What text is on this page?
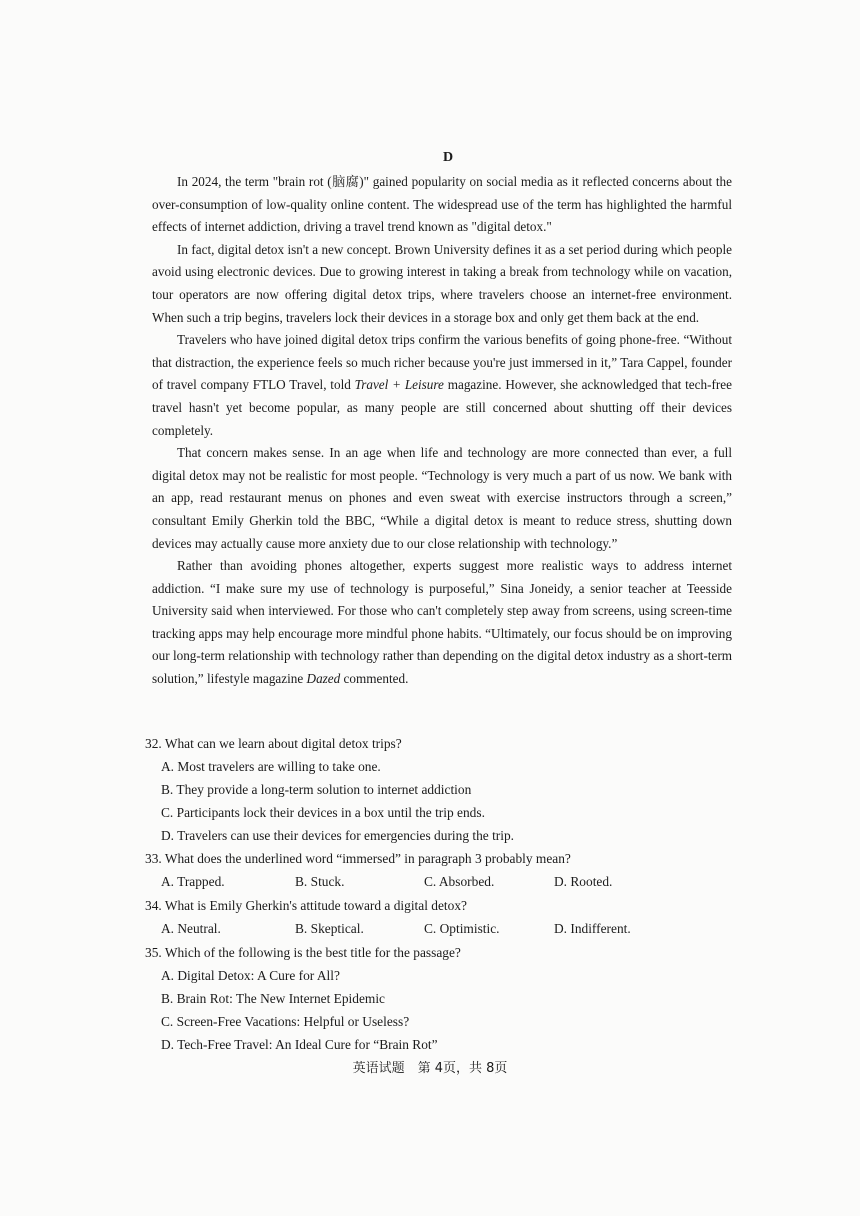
D

In 2024, the term "brain rot (脑腐)" gained popularity on social media as it reflected concerns about the over-consumption of low-quality online content. The widespread use of the term has highlighted the harmful effects of internet addiction, driving a travel trend known as "digital detox."

In fact, digital detox isn't a new concept. Brown University defines it as a set period during which people avoid using electronic devices. Due to growing interest in taking a break from technology while on vacation, tour operators are now offering digital detox trips, where travelers choose an internet-free environment. When such a trip begins, travelers lock their devices in a storage box and only get them back at the end.

Travelers who have joined digital detox trips confirm the various benefits of going phone-free. “Without that distraction, the experience feels so much richer because you're just immersed in it,” Tara Cappel, founder of travel company FTLO Travel, told Travel + Leisure magazine. However, she acknowledged that tech-free travel hasn't yet become popular, as many people are still concerned about shutting off their devices completely.

That concern makes sense. In an age when life and technology are more connected than ever, a full digital detox may not be realistic for most people. “Technology is very much a part of us now. We bank with an app, read restaurant menus on phones and even sweat with exercise instructors through a screen,” consultant Emily Gherkin told the BBC, “While a digital detox is meant to reduce stress, shutting down devices may actually cause more anxiety due to our close relationship with technology.”

Rather than avoiding phones altogether, experts suggest more realistic ways to address internet addiction. “I make sure my use of technology is purposeful,” Sina Joneidy, a senior teacher at Teesside University said when interviewed. For those who can't completely step away from screens, using screen-time tracking apps may help encourage more mindful phone habits. “Ultimately, our focus should be on improving our long-term relationship with technology rather than depending on the digital detox industry as a short-term solution,” lifestyle magazine Dazed commented.

32. What can we learn about digital detox trips?
A. Most travelers are willing to take one.
B. They provide a long-term solution to internet addiction
C. Participants lock their devices in a box until the trip ends.
D. Travelers can use their devices for emergencies during the trip.
33. What does the underlined word “immersed” in paragraph 3 probably mean?
A. Trapped.	B. Stuck.	C. Absorbed.	D. Rooted.
34. What is Emily Gherkin's attitude toward a digital detox?
A. Neutral.	B. Skeptical.	C. Optimistic.	D. Indifferent.
35. Which of the following is the best title for the passage?
A. Digital Detox: A Cure for All?
B. Brain Rot: The New Internet Epidemic
C. Screen-Free Vacations: Helpful or Useless?
D. Tech-Free Travel: An Ideal Cure for “Brain Rot”
英语试题　第 4页，共 8页
